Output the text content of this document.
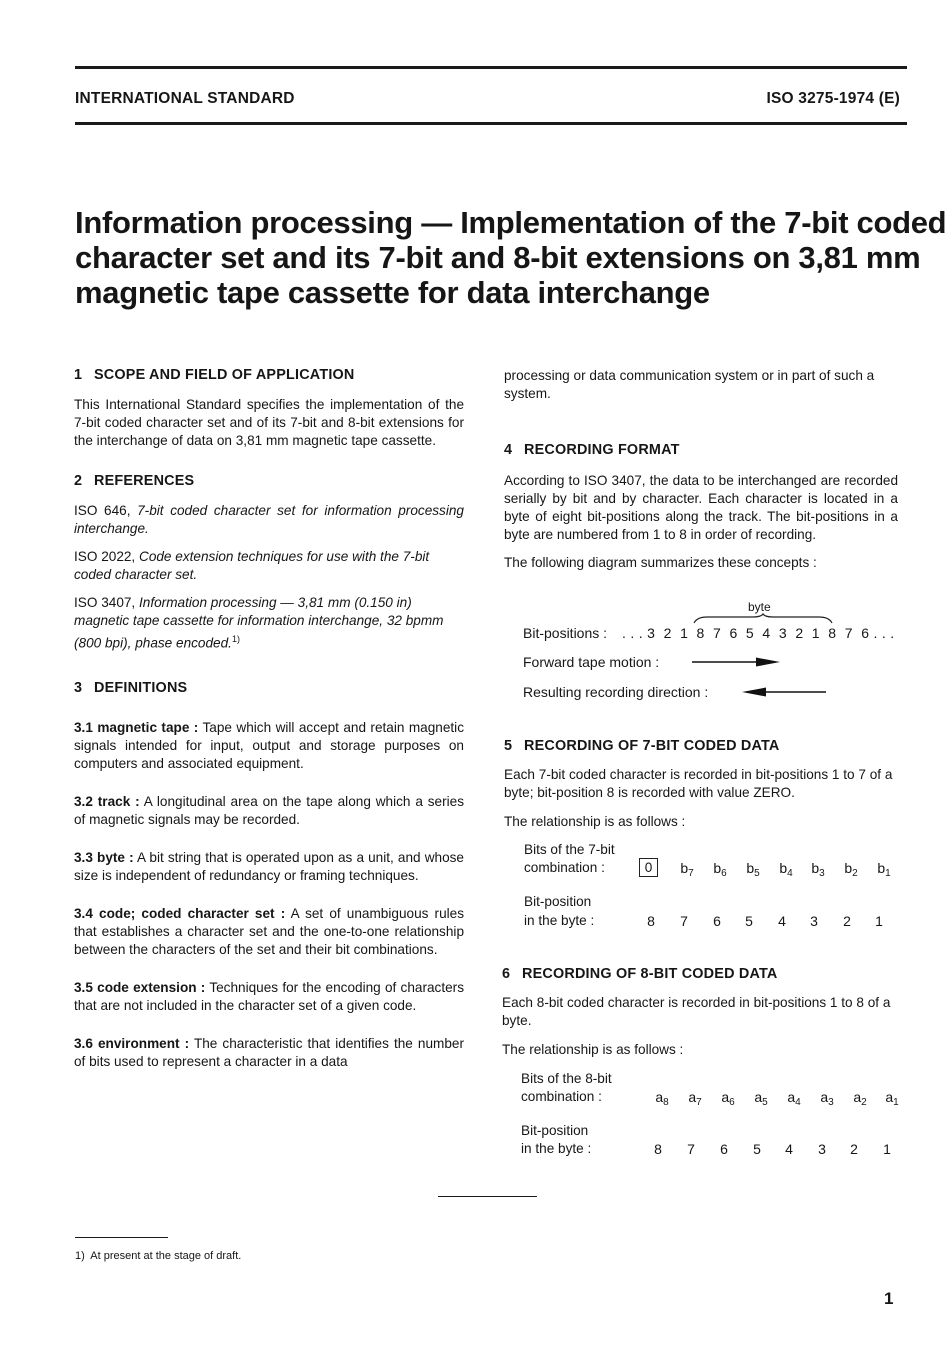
INTERNATIONAL STANDARD	ISO 3275-1974 (E)
Information processing — Implementation of the 7-bit coded
character set and its 7-bit and 8-bit extensions on 3,81 mm
magnetic tape cassette for data interchange
1 SCOPE AND FIELD OF APPLICATION

This International Standard specifies the implementation of the 7-bit coded character set and of its 7-bit and 8-bit extensions for the interchange of data on 3,81 mm magnetic tape cassette.

2 REFERENCES

ISO 646, 7-bit coded character set for information processing interchange.

ISO 2022, Code extension techniques for use with the 7-bit coded character set.

ISO 3407, Information processing — 3,81 mm (0.150 in) magnetic tape cassette for information interchange, 32 bpmm (800 bpi), phase encoded.$^{1)}$

3 DEFINITIONS

3.1 magnetic tape : Tape which will accept and retain magnetic signals intended for input, output and storage purposes on computers and associated equipment.

3.2 track : A longitudinal area on the tape along which a series of magnetic signals may be recorded.

3.3 byte : A bit string that is operated upon as a unit, and whose size is independent of redundancy or framing techniques.

3.4 code; coded character set : A set of unambiguous rules that establishes a character set and the one-to-one relationship between the characters of the set and their bit combinations.

3.5 code extension : Techniques for the encoding of characters that are not included in the character set of a given code.

3.6 environment : The characteristic that identifies the number of bits used to represent a character in a data

processing or data communication system or in part of such a system.

4 RECORDING FORMAT

According to ISO 3407, the data to be interchanged are recorded serially by bit and by character. Each character is located in a byte of eight bit-positions along the track. The bit-positions in a byte are numbered from 1 to 8 in order of recording.

The following diagram summarizes these concepts :

byte
Bit-positions : . . . 3  2  1  8  7  6  5  4  3  2  1  8  7  6 . . .
Forward tape motion :
Resulting recording direction :
5 RECORDING OF 7-BIT CODED DATA

Each 7-bit coded character is recorded in bit-positions 1 to 7 of a byte; bit-position 8 is recorded with value ZERO.

The relationship is as follows :

Bits of the 7-bit
combination :	0	$b_7$	$b_6$	$b_5$	$b_4$	$b_3$	$b_2$	$b_1$
Bit-position
in the byte :	8	7	6	5	4	3	2	1
6 RECORDING OF 8-BIT CODED DATA

Each 8-bit coded character is recorded in bit-positions 1 to 8 of a byte.

The relationship is as follows :

Bits of the 8-bit
combination :	$a_8$	$a_7$	$a_6$	$a_5$	$a_4$	$a_3$	$a_2$	$a_1$
Bit-position
in the byte :	8	7	6	5	4	3	2	1
1) At present at the stage of draft.
1
